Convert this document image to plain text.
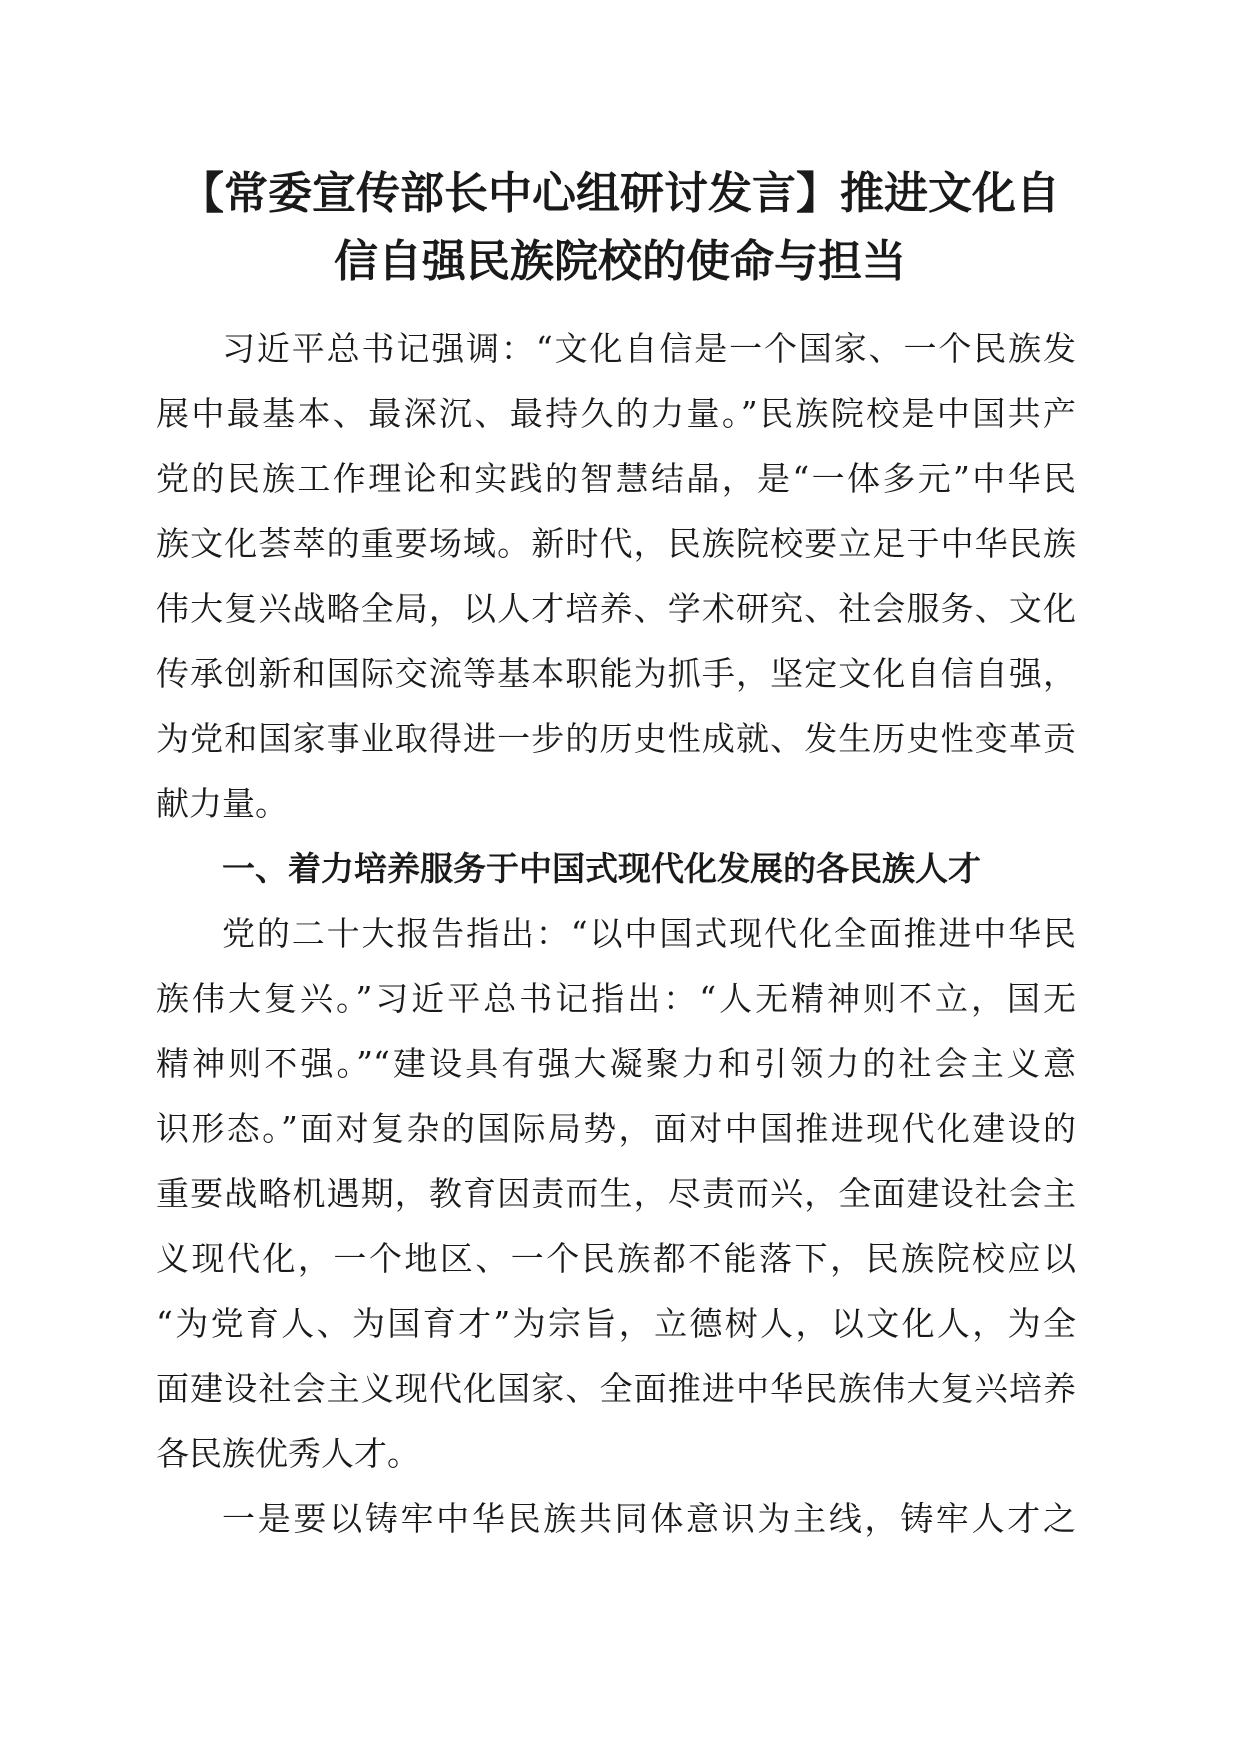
【常委宣传部长中心组研讨发言】推进文化自
信自强民族院校的使命与担当
习近平总书记强调：“文化自信是一个国家、一个民族发
展中最基本、最深沉、最持久的力量。”民族院校是中国共产
党的民族工作理论和实践的智慧结晶，是“一体多元”中华民
族文化荟萃的重要场域。新时代，民族院校要立足于中华民族
伟大复兴战略全局，以人才培养、学术研究、社会服务、文化
传承创新和国际交流等基本职能为抓手，坚定文化自信自强，
为党和国家事业取得进一步的历史性成就、发生历史性变革贡
献力量。
一、着力培养服务于中国式现代化发展的各民族人才
党的二十大报告指出：“以中国式现代化全面推进中华民
族伟大复兴。”习近平总书记指出：“人无精神则不立，国无
精神则不强。”“建设具有强大凝聚力和引领力的社会主义意
识形态。”面对复杂的国际局势，面对中国推进现代化建设的
重要战略机遇期，教育因责而生，尽责而兴，全面建设社会主
义现代化，一个地区、一个民族都不能落下，民族院校应以
“为党育人、为国育才”为宗旨，立德树人，以文化人，为全
面建设社会主义现代化国家、全面推进中华民族伟大复兴培养
各民族优秀人才。
一是要以铸牢中华民族共同体意识为主线，铸牢人才之
